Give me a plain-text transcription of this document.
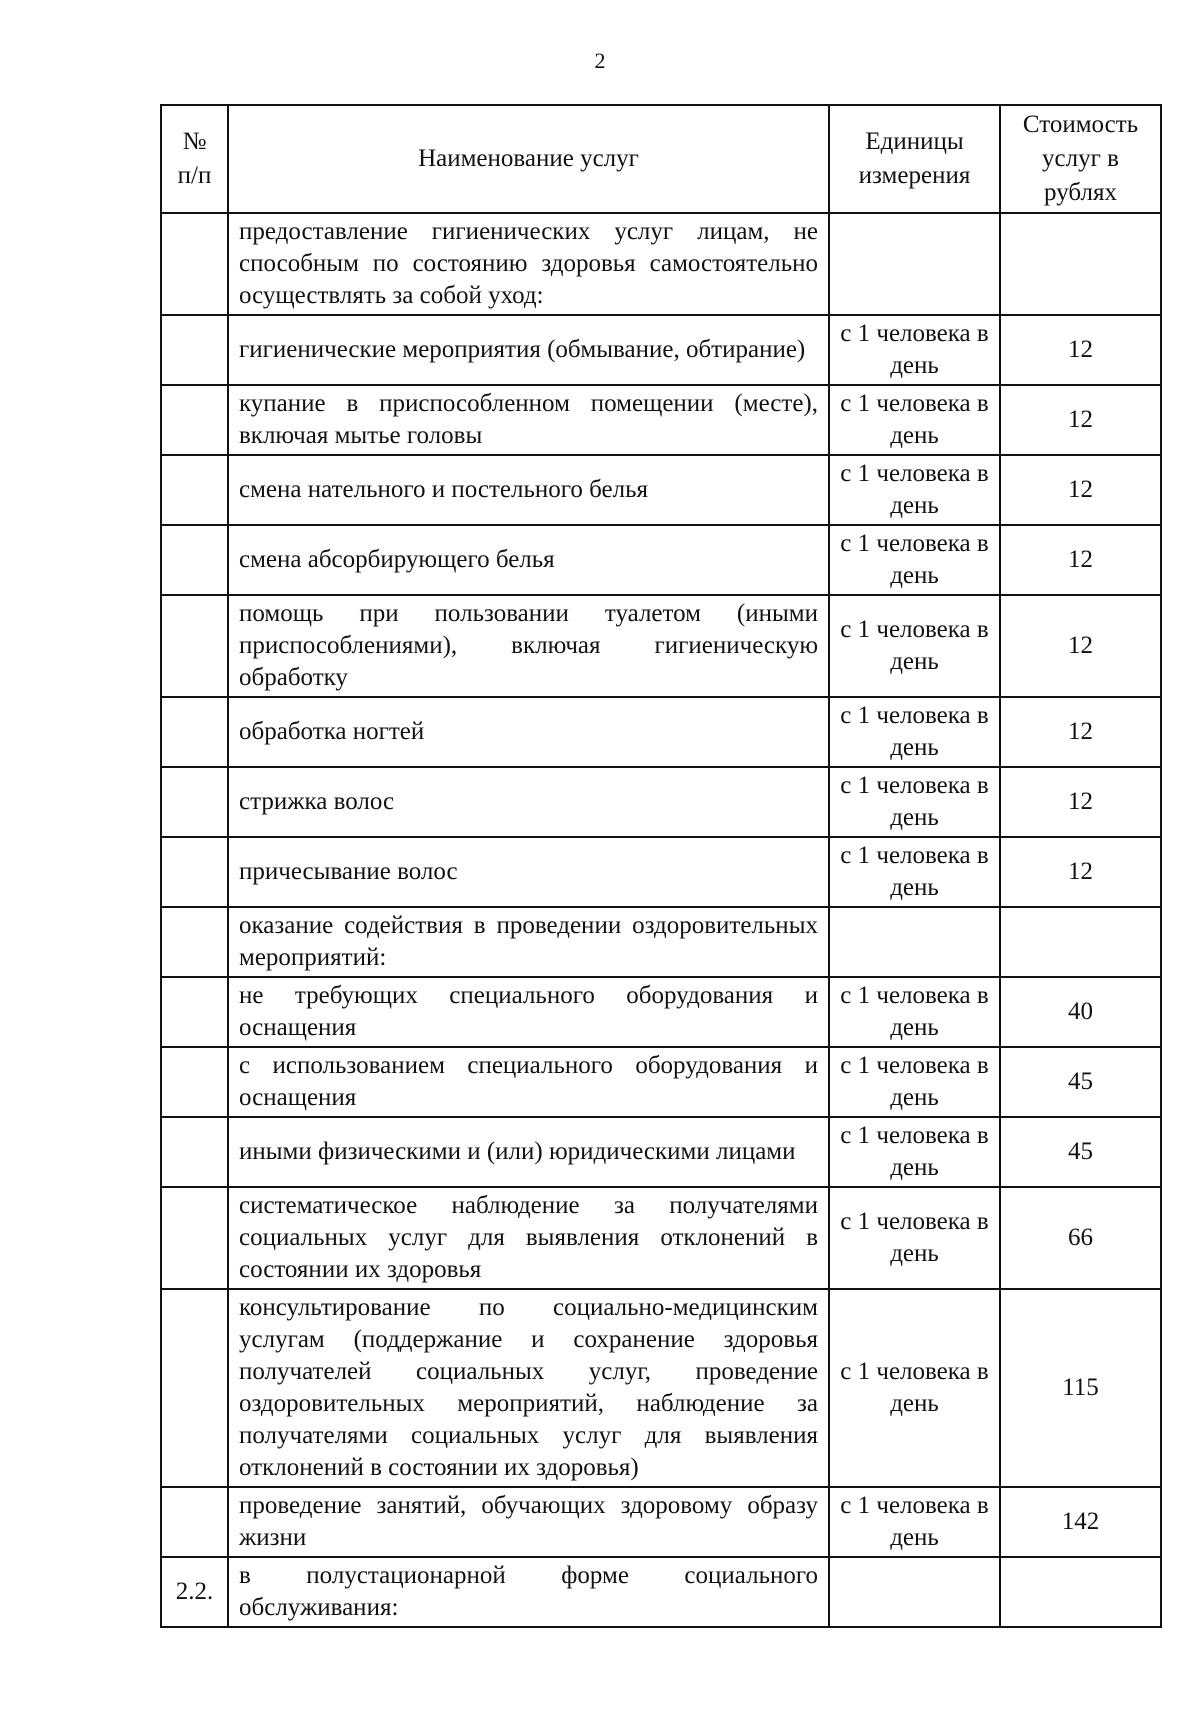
2
№ п/п	Наименование услуг	Единицы измерения	Стоимость услуг в рублях
	предоставление гигиенических услуг лицам, не способным по состоянию здоровья самостоятельно осуществлять за собой уход:		
	гигиенические мероприятия (обмывание, обтирание)	с 1 человека в день	12
	купание в приспособленном помещении (месте), включая мытье головы	с 1 человека в день	12
	смена нательного и постельного белья	с 1 человека в день	12
	смена абсорбирующего белья	с 1 человека в день	12
	помощь при пользовании туалетом (иными приспособлениями), включая гигиеническую обработку	с 1 человека в день	12
	обработка ногтей	с 1 человека в день	12
	стрижка волос	с 1 человека в день	12
	причесывание волос	с 1 человека в день	12
	оказание содействия в проведении оздоровительных мероприятий:		
	не требующих специального оборудования и оснащения	с 1 человека в день	40
	с использованием специального оборудования и оснащения	с 1 человека в день	45
	иными физическими и (или) юридическими лицами	с 1 человека в день	45
	систематическое наблюдение за получателями социальных услуг для выявления отклонений в состоянии их здоровья	с 1 человека в день	66
	консультирование по социально-медицинским услугам (поддержание и сохранение здоровья получателей социальных услуг, проведение оздоровительных мероприятий, наблюдение за получателями социальных услуг для выявления отклонений в состоянии их здоровья)	с 1 человека в день	115
	проведение занятий, обучающих здоровому образу жизни	с 1 человека в день	142
2.2.	в полустационарной форме социального обслуживания:		
